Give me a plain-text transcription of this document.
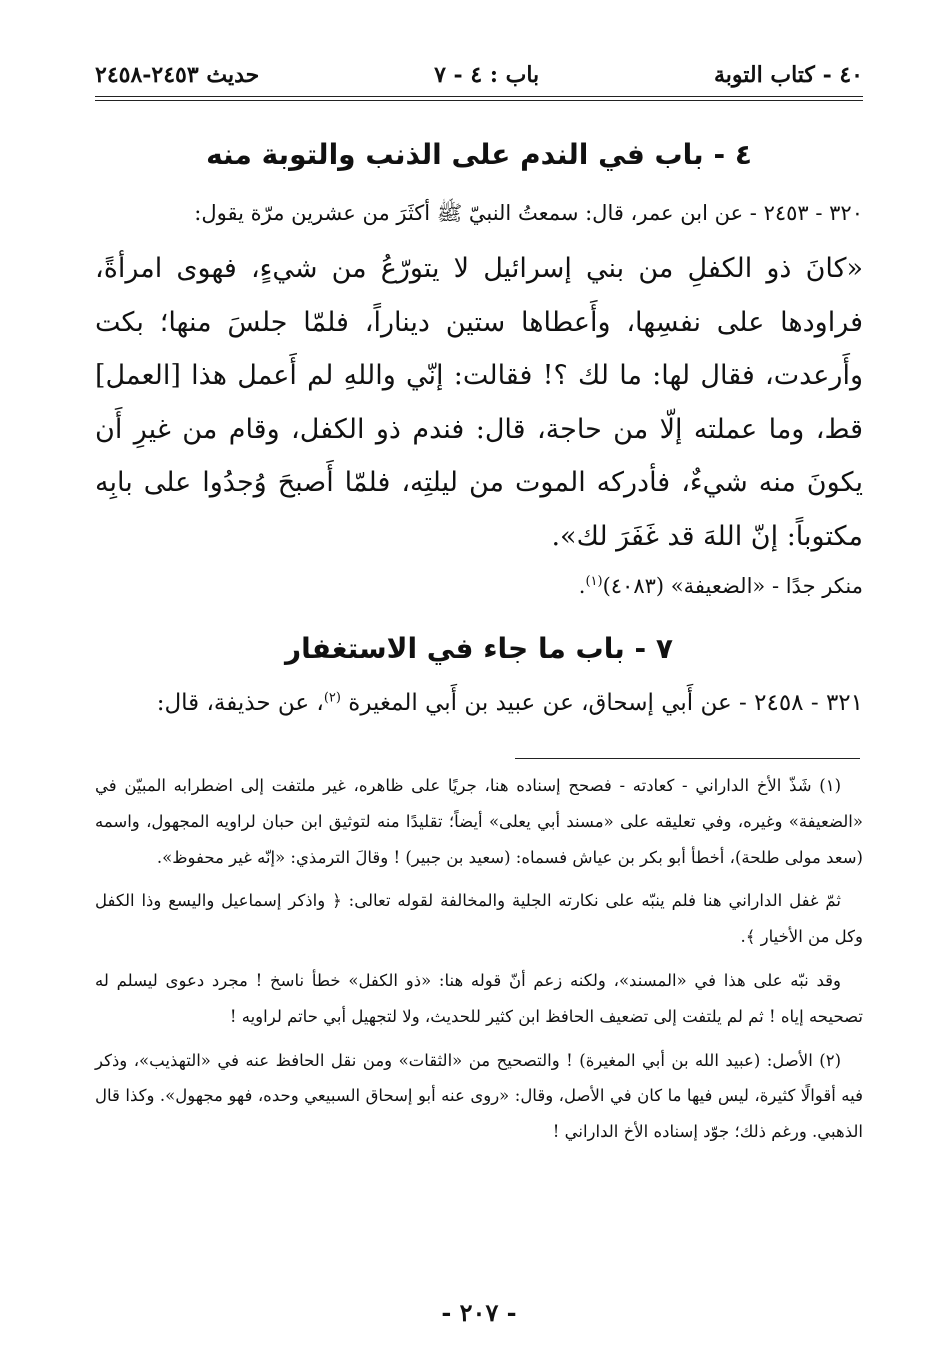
٤٠ - كتاب التوبة
باب : ٤ - ٧
حديث ٢٤٥٣-٢٤٥٨
٤ - باب في الندم على الذنب والتوبة منه
٣٢٠ - ٢٤٥٣ - عن ابن عمر، قال: سمعتُ النبيّ ﷺ أكثَرَ من عشرين مرّة يقول:
«كانَ ذو الكفلِ من بني إسرائيل لا يتورّعُ من شيءٍ، فهوى امرأةً، فراودها على نفسِها، وأَعطاها ستين ديناراً، فلمّا جلسَ منها؛ بكت وأَرعدت، فقال لها: ما لك ؟! فقالت: إنّي واللهِ لم أَعمل هذا [العمل] قط، وما عملته إلّا من حاجة، قال: فندم ذو الكفل، وقام من غيرِ أَن يكونَ منه شيءٌ، فأدركه الموت من ليلتِه، فلمّا أَصبحَ وُجدُوا على بابِه مكتوباً: إنّ اللهَ قد غَفَرَ لك».
منكر جدًا - «الضعيفة» (٤٠٨٣)$^{(١)}$.
٧ - باب ما جاء في الاستغفار
٣٢١ - ٢٤٥٨ - عن أَبي إسحاق، عن عبيد بن أَبي المغيرة $^{(٢)}$، عن حذيفة، قال:

(١) شَذّ الأخ الداراني - كعادته - فصحح إسناده هنا، جريًا على ظاهره، غير ملتفت إلى اضطرابه المبيّن في «الضعيفة» وغيره، وفي تعليقه على «مسند أبي يعلى» أيضاً؛ تقليدًا منه لتوثيق ابن حبان لراويه المجهول، واسمه (سعد مولى طلحة)، أخطأ أبو بكر بن عياش فسماه: (سعيد بن جبير) ! وقالَ الترمذي: «إنّه غير محفوظ».

ثمّ غفل الداراني هنا فلم ينبّه على نكارته الجلية والمخالفة لقوله تعالى: ﴿ واذكر إسماعيل واليسع وذا الكفل وكل من الأخيار ﴾.

وقد نبّه على هذا في «المسند»، ولكنه زعم أنّ قوله هنا: «ذو الكفل» خطأ ناسخ ! مجرد دعوى ليسلم له تصحيحه إياه ! ثم لم يلتفت إلى تضعيف الحافظ ابن كثير للحديث، ولا لتجهيل أبي حاتم لراويه !

(٢) الأصل: (عبيد الله بن أبي المغيرة) ! والتصحيح من «الثقات» ومن نقل الحافظ عنه في «التهذيب»، وذكر فيه أقوالًا كثيرة، ليس فيها ما كان في الأصل، وقال: «روى عنه أبو إسحاق السبيعي وحده، فهو مجهول». وكذا قال الذهبي. ورغم ذلك؛ جوّد إسناده الأخ الداراني !

- ٢٠٧ -
